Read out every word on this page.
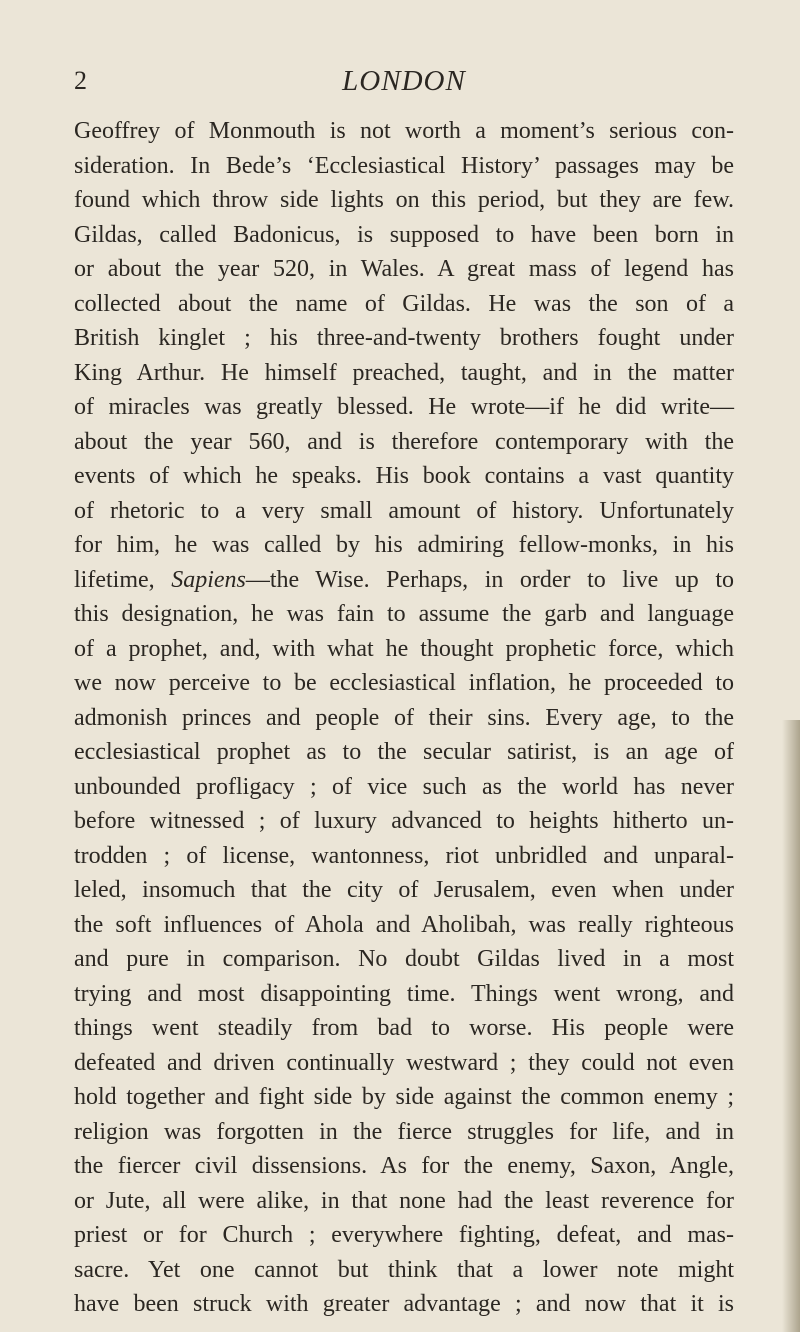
2	LONDON
Geoffrey of Monmouth is not worth a moment’s serious con-
sideration. In Bede’s ‘Ecclesiastical History’ passages may be
found which throw side lights on this period, but they are few.
Gildas, called Badonicus, is supposed to have been born in
or about the year 520, in Wales. A great mass of legend has
collected about the name of Gildas. He was the son of a
British kinglet ; his three-and-twenty brothers fought under
King Arthur. He himself preached, taught, and in the matter
of miracles was greatly blessed. He wrote—if he did write—
about the year 560, and is therefore contemporary with the
events of which he speaks. His book contains a vast quantity
of rhetoric to a very small amount of history. Unfortunately
for him, he was called by his admiring fellow-monks, in his
lifetime, Sapiens—the Wise. Perhaps, in order to live up to
this designation, he was fain to assume the garb and language
of a prophet, and, with what he thought prophetic force, which
we now perceive to be ecclesiastical inflation, he proceeded to
admonish princes and people of their sins. Every age, to the
ecclesiastical prophet as to the secular satirist, is an age of
unbounded profligacy ; of vice such as the world has never
before witnessed ; of luxury advanced to heights hitherto un-
trodden ; of license, wantonness, riot unbridled and unparal-
leled, insomuch that the city of Jerusalem, even when under
the soft influences of Ahola and Aholibah, was really righteous
and pure in comparison. No doubt Gildas lived in a most
trying and most disappointing time. Things went wrong, and
things went steadily from bad to worse. His people were
defeated and driven continually westward ; they could not even
hold together and fight side by side against the common enemy ;
religion was forgotten in the fierce struggles for life, and in
the fiercer civil dissensions. As for the enemy, Saxon, Angle,
or Jute, all were alike, in that none had the least reverence for
priest or for Church ; everywhere fighting, defeat, and mas-
sacre. Yet one cannot but think that a lower note might
have been struck with greater advantage ; and now that it is
